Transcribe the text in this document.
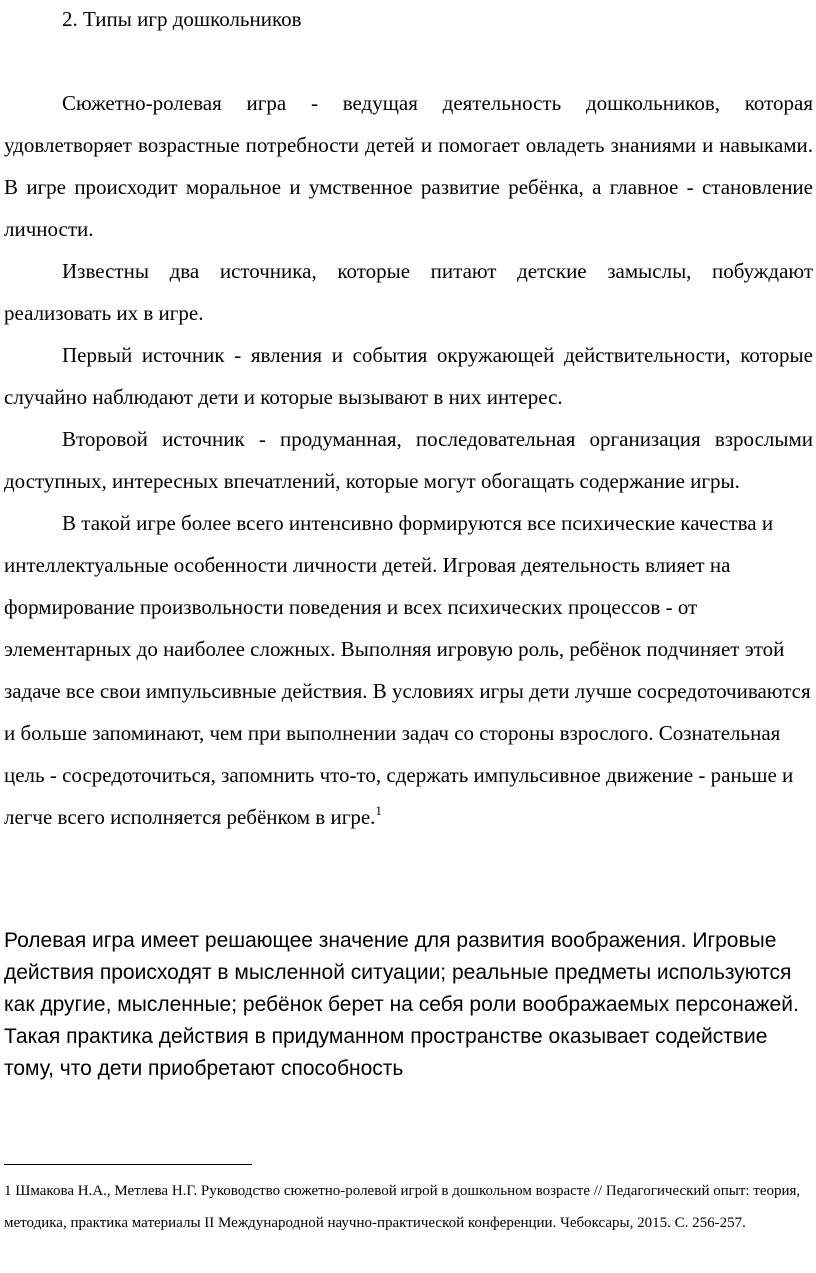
2. Типы игр дошкольников

Сюжетно-ролевая игра - ведущая деятельность дошкольников, которая удовлетворяет возрастные потребности детей и помогает овладеть знаниями и навыками. В игре происходит моральное и умственное развитие ребёнка, а главное - становление личности.

Известны два источника, которые питают детские замыслы, побуждают реализовать их в игре.

Первый источник - явления и события окружающей действительности, которые случайно наблюдают дети и которые вызывают в них интерес.

Второвой источник - продуманная, последовательная организация взрослыми доступных, интересных впечатлений, которые могут обогащать содержание игры.

В такой игре более всего интенсивно формируются все психические качества и интеллектуальные особенности личности детей. Игровая деятельность влияет на формирование произвольности поведения и всех психических процессов - от элементарных до наиболее сложных. Выполняя игровую роль, ребёнок подчиняет этой задаче все свои импульсивные действия. В условиях игры дети лучше сосредоточиваются и больше запоминают, чем при выполнении задач со стороны взрослого. Сознательная цель - сосредоточиться, запомнить что-то, сдержать импульсивное движение - раньше и легче всего исполняется ребёнком в игре.$^1$

Ролевая игра имеет решающее значение для развития воображения. Игровые действия происходят в мысленной ситуации; реальные предметы используются как другие, мысленные; ребёнок берет на себя роли воображаемых персонажей. Такая практика действия в придуманном пространстве оказывает содействие тому, что дети приобретают способность

1 Шмакова Н.А., Метлева Н.Г. Руководство сюжетно-ролевой игрой в дошкольном возрасте // Педагогический опыт: теория, методика, практика материалы II Международной научно-практической конференции. Чебоксары, 2015. С. 256-257.
